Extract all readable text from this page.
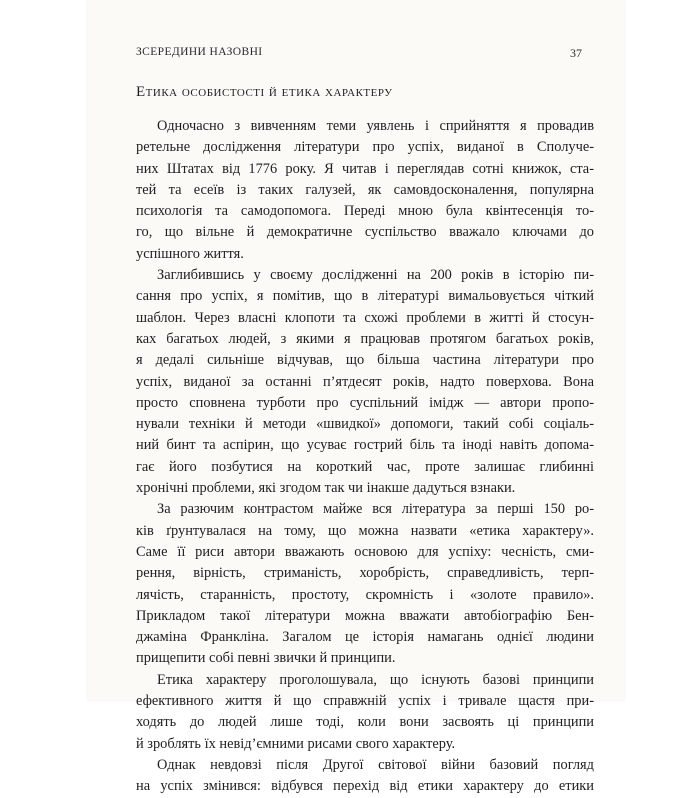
ЗСЕРЕДИНИ НАЗОВНІ	37
Етика особистості й етика характеру
Одночасно з вивченням теми уявлень і сприйняття я провадив
ретельне дослідження літератури про успіх, виданої в Сполуче-
них Штатах від 1776 року. Я читав і переглядав сотні книжок, ста-
тей та есеїв із таких галузей, як самовдосконалення, популярна
психологія та самодопомога. Переді мною була квінтесенція то-
го, що вільне й демократичне суспільство вважало ключами до
успішного життя.
Заглибившись у своєму дослідженні на 200 років в історію пи-
сання про успіх, я помітив, що в літературі вимальовується чіткий
шаблон. Через власні клопоти та схожі проблеми в житті й стосун-
ках багатьох людей, з якими я працював протягом багатьох років,
я дедалі сильніше відчував, що більша частина літератури про
успіх, виданої за останні п’ятдесят років, надто поверхова. Вона
просто сповнена турботи про суспільний імідж — автори пропо-
нували техніки й методи «швидкої» допомоги, такий собі соціаль-
ний бинт та аспірин, що усуває гострий біль та іноді навіть допома-
гає його позбутися на короткий час, проте залишає глибинні
хронічні проблеми, які згодом так чи інакше дадуться взнаки.
За разючим контрастом майже вся література за перші 150 ро-
ків ґрунтувалася на тому, що можна назвати «етика характеру».
Саме її риси автори вважають основою для успіху: чесність, сми-
рення, вірність, стриманість, хоробрість, справедливість, терп-
лячість, старанність, простоту, скромність і «золоте правило».
Прикладом такої літератури можна вважати автобіографію Бен-
джаміна Франкліна. Загалом це історія намагань однієї людини
прищепити собі певні звички й принципи.
Етика характеру проголошувала, що існують базові принципи
ефективного життя й що справжній успіх і тривале щастя при-
ходять до людей лише тоді, коли вони засвоять ці принципи
й зроблять їх невід’ємними рисами свого характеру.
Однак невдовзі після Другої світової війни базовий погляд
на успіх змінився: відбувся перехід від етики характеру до етики
